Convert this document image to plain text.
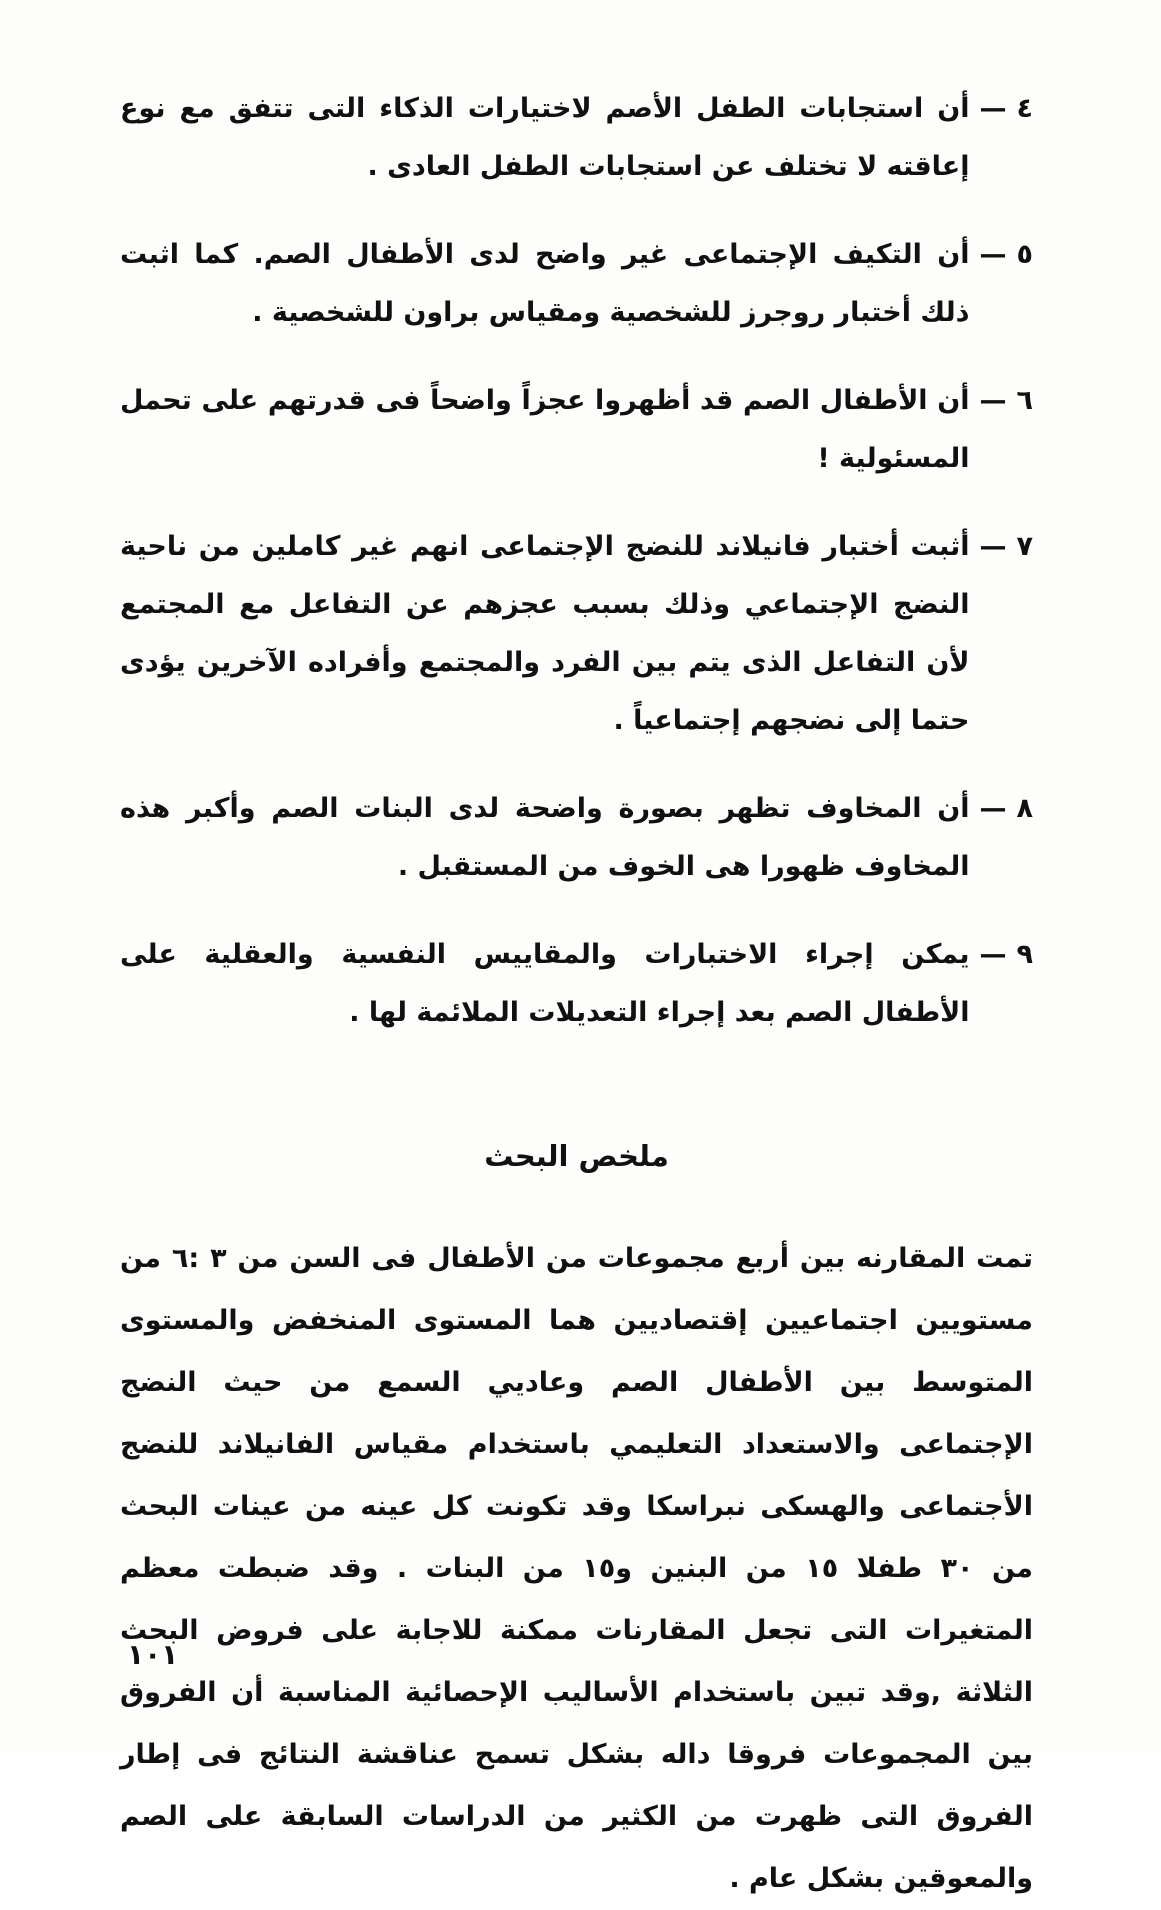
٤
—
أن استجابات الطفل الأصم لاختيارات الذكاء التى تتفق مع نوع إعاقته لا تختلف عن استجابات الطفل العادى .
٥
—
أن التكيف الإجتماعى غير واضح لدى الأطفال الصم. كما اثبت ذلك أختبار روجرز للشخصية ومقياس براون للشخصية .
٦
—
أن الأطفال الصم قد أظهروا عجزاً واضحاً فى قدرتهم على تحمل المسئولية !
٧
—
أثبت أختبار فانيلاند للنضج الإجتماعى انهم غير كاملين من ناحية النضج الإجتماعي وذلك بسبب عجزهم عن التفاعل مع المجتمع لأن التفاعل الذى يتم بين الفرد والمجتمع وأفراده الآخرين يؤدى حتما إلى نضجهم إجتماعياً .
٨
—
أن المخاوف تظهر بصورة واضحة لدى البنات الصم وأكبر هذه المخاوف ظهورا هى الخوف من المستقبل .
٩
—
يمكن إجراء الاختبارات والمقاييس النفسية والعقلية على الأطفال الصم بعد إجراء التعديلات الملائمة لها .
ملخص البحث

تمت المقارنه بين أربع مجموعات من الأطفال فى السن من ٣ :٦ من مستويين اجتماعيين إقتصاديين هما المستوى المنخفض والمستوى المتوسط بين الأطفال الصم وعاديي السمع من حيث النضج الإجتماعى والاستعداد التعليمي باستخدام مقياس الفانيلاند للنضج الأجتماعى والهسكى نبراسكا وقد تكونت كل عينه من عينات البحث من ٣٠ طفلا ١٥ من البنين و١٥ من البنات . وقد ضبطت معظم المتغيرات التى تجعل المقارنات ممكنة للاجابة على فروض البحث الثلاثة ,وقد تبين باستخدام الأساليب الإحصائية المناسبة أن الفروق بين المجموعات فروقا داله بشكل تسمح عناقشة النتائج فى إطار الفروق التى ظهرت من الكثير من الدراسات السابقة على الصم والمعوقين بشكل عام .

١٠١
